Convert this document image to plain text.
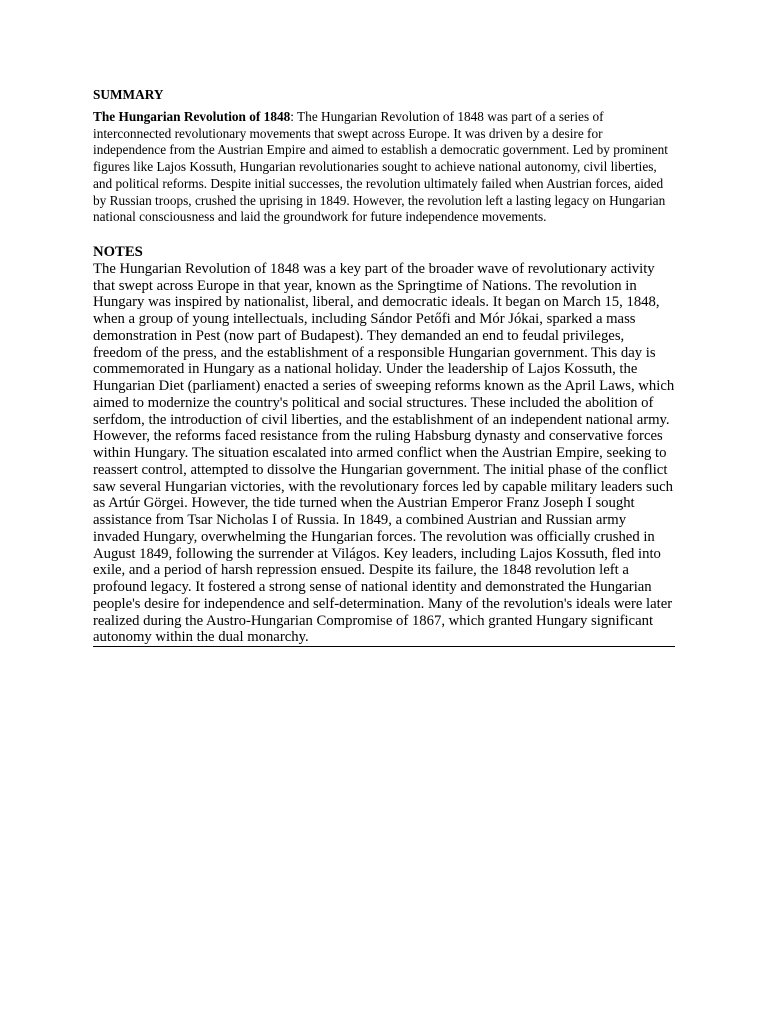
SUMMARY

The Hungarian Revolution of 1848: The Hungarian Revolution of 1848 was part of a series of interconnected revolutionary movements that swept across Europe. It was driven by a desire for independence from the Austrian Empire and aimed to establish a democratic government. Led by prominent figures like Lajos Kossuth, Hungarian revolutionaries sought to achieve national autonomy, civil liberties, and political reforms. Despite initial successes, the revolution ultimately failed when Austrian forces, aided by Russian troops, crushed the uprising in 1849. However, the revolution left a lasting legacy on Hungarian national consciousness and laid the groundwork for future independence movements.

NOTES

The Hungarian Revolution of 1848 was a key part of the broader wave of revolutionary activity that swept across Europe in that year, known as the Springtime of Nations. The revolution in Hungary was inspired by nationalist, liberal, and democratic ideals. It began on March 15, 1848, when a group of young intellectuals, including Sándor Petőfi and Mór Jókai, sparked a mass demonstration in Pest (now part of Budapest). They demanded an end to feudal privileges, freedom of the press, and the establishment of a responsible Hungarian government. This day is commemorated in Hungary as a national holiday. Under the leadership of Lajos Kossuth, the Hungarian Diet (parliament) enacted a series of sweeping reforms known as the April Laws, which aimed to modernize the country's political and social structures. These included the abolition of serfdom, the introduction of civil liberties, and the establishment of an independent national army. However, the reforms faced resistance from the ruling Habsburg dynasty and conservative forces within Hungary. The situation escalated into armed conflict when the Austrian Empire, seeking to reassert control, attempted to dissolve the Hungarian government. The initial phase of the conflict saw several Hungarian victories, with the revolutionary forces led by capable military leaders such as Artúr Görgei. However, the tide turned when the Austrian Emperor Franz Joseph I sought assistance from Tsar Nicholas I of Russia. In 1849, a combined Austrian and Russian army invaded Hungary, overwhelming the Hungarian forces. The revolution was officially crushed in August 1849, following the surrender at Világos. Key leaders, including Lajos Kossuth, fled into exile, and a period of harsh repression ensued. Despite its failure, the 1848 revolution left a profound legacy. It fostered a strong sense of national identity and demonstrated the Hungarian people's desire for independence and self-determination. Many of the revolution's ideals were later realized during the Austro-Hungarian Compromise of 1867, which granted Hungary significant autonomy within the dual monarchy.
